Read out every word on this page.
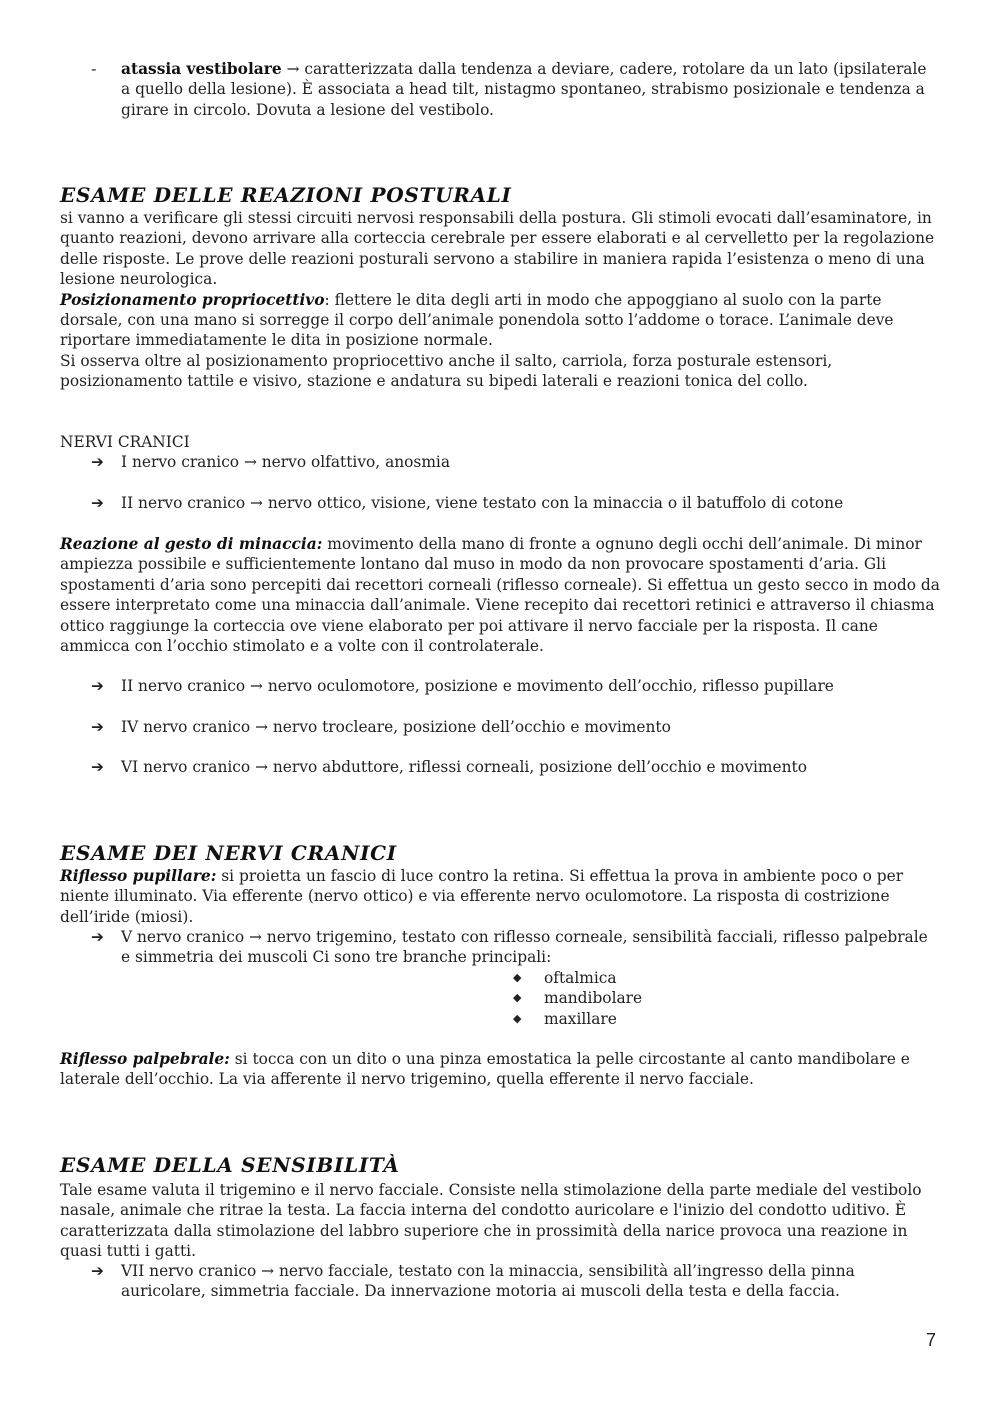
- atassia vestibolare → caratterizzata dalla tendenza a deviare, cadere, rotolare da un lato (ipsilaterale a quello della lesione). È associata a head tilt, nistagmo spontaneo, strabismo posizionale e tendenza a girare in circolo. Dovuta a lesione del vestibolo.
ESAME DELLE REAZIONI POSTURALI
si vanno a verificare gli stessi circuiti nervosi responsabili della postura. Gli stimoli evocati dall’esaminatore, in quanto reazioni, devono arrivare alla corteccia cerebrale per essere elaborati e al cervelletto per la regolazione delle risposte. Le prove delle reazioni posturali servono a stabilire in maniera rapida l’esistenza o meno di una lesione neurologica.
Posizionamento propriocettivo: flettere le dita degli arti in modo che appoggiano al suolo con la parte dorsale, con una mano si sorregge il corpo dell’animale ponendola sotto l’addome o torace. L’animale deve riportare immediatamente le dita in posizione normale.
Si osserva oltre al posizionamento propriocettivo anche il salto, carriola, forza posturale estensori, posizionamento tattile e visivo, stazione e andatura su bipedi laterali e reazioni tonica del collo.
NERVI CRANICI
➔ I nervo cranico → nervo olfattivo, anosmia
➔ II nervo cranico → nervo ottico, visione, viene testato con la minaccia o il batuffolo di cotone
Reazione al gesto di minaccia: movimento della mano di fronte a ognuno degli occhi dell’animale. Di minor ampiezza possibile e sufficientemente lontano dal muso in modo da non provocare spostamenti d’aria. Gli spostamenti d’aria sono percepiti dai recettori corneali (riflesso corneale). Si effettua un gesto secco in modo da essere interpretato come una minaccia dall’animale. Viene recepito dai recettori retinici e attraverso il chiasma ottico raggiunge la corteccia ove viene elaborato per poi attivare il nervo facciale per la risposta. Il cane ammicca con l’occhio stimolato e a volte con il controlaterale.
➔ II nervo cranico → nervo oculomotore, posizione e movimento dell’occhio, riflesso pupillare
➔ IV nervo cranico → nervo trocleare, posizione dell’occhio e movimento
➔ VI nervo cranico → nervo abduttore, riflessi corneali, posizione dell’occhio e movimento
ESAME DEI NERVI CRANICI
Riflesso pupillare: si proietta un fascio di luce contro la retina. Si effettua la prova in ambiente poco o per niente illuminato. Via efferente (nervo ottico) e via efferente nervo oculomotore. La risposta di costrizione dell’iride (miosi).
➔ V nervo cranico → nervo trigemino, testato con riflesso corneale, sensibilità facciali, riflesso palpebrale e simmetria dei muscoli Ci sono tre branche principali:
◆ oftalmica
◆ mandibolare
◆ maxillare
Riflesso palpebrale: si tocca con un dito o una pinza emostatica la pelle circostante al canto mandibolare e laterale dell’occhio. La via afferente il nervo trigemino, quella efferente il nervo facciale.
ESAME DELLA SENSIBILITÀ
Tale esame valuta il trigemino e il nervo facciale. Consiste nella stimolazione della parte mediale del vestibolo nasale, animale che ritrae la testa. La faccia interna del condotto auricolare e l'inizio del condotto uditivo. È caratterizzata dalla stimolazione del labbro superiore che in prossimità della narice provoca una reazione in quasi tutti i gatti.
➔ VII nervo cranico → nervo facciale, testato con la minaccia, sensibilità all’ingresso della pinna auricolare, simmetria facciale. Da innervazione motoria ai muscoli della testa e della faccia.
7
